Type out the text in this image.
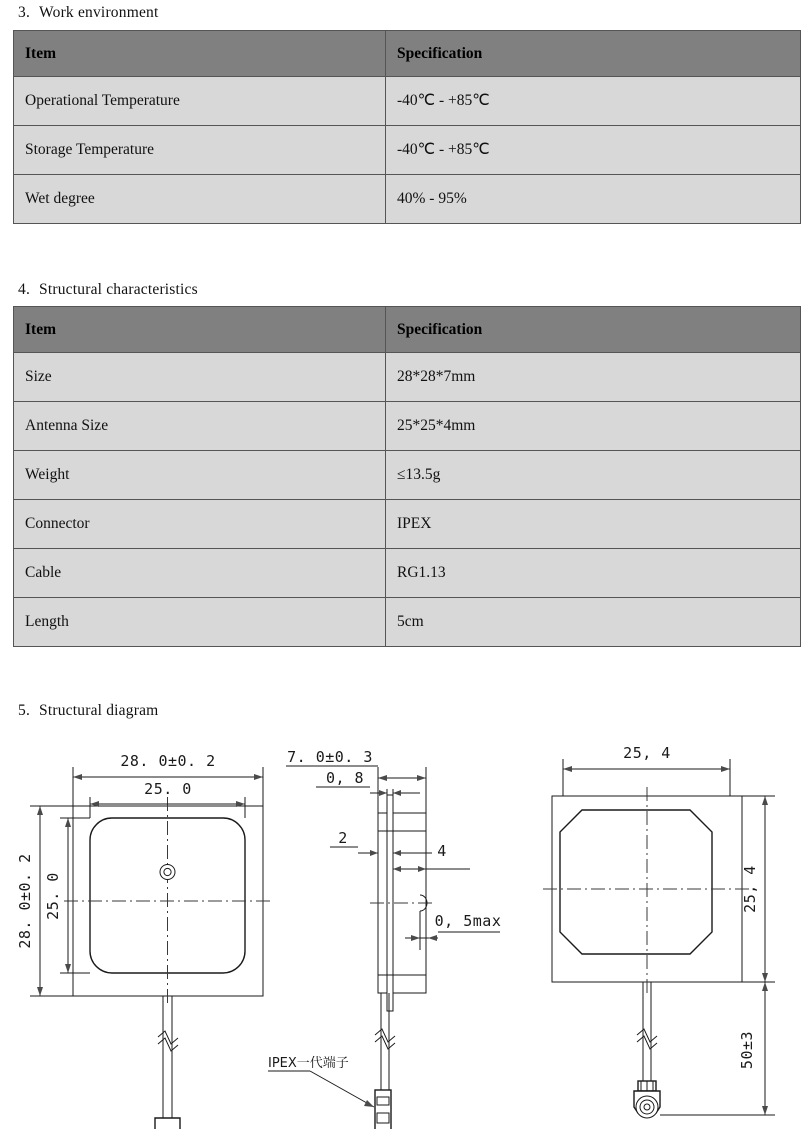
3. Work environment
Item	Specification
Operational Temperature	-40℃ - +85℃
Storage Temperature	-40℃ - +85℃
Wet degree	40% - 95%
4. Structural characteristics
Item	Specification
Size	28*28*7mm
Antenna Size	25*25*4mm
Weight	≤13.5g
Connector	IPEX
Cable	RG1.13
Length	5cm
5. Structural diagram
28. 0±0. 2
25. 0
28. 0±0. 2 25. 0
7. 0±0. 3
0, 8
2
4
0, 5max
IPEX一代端子
25, 4
25, 4
50±3
